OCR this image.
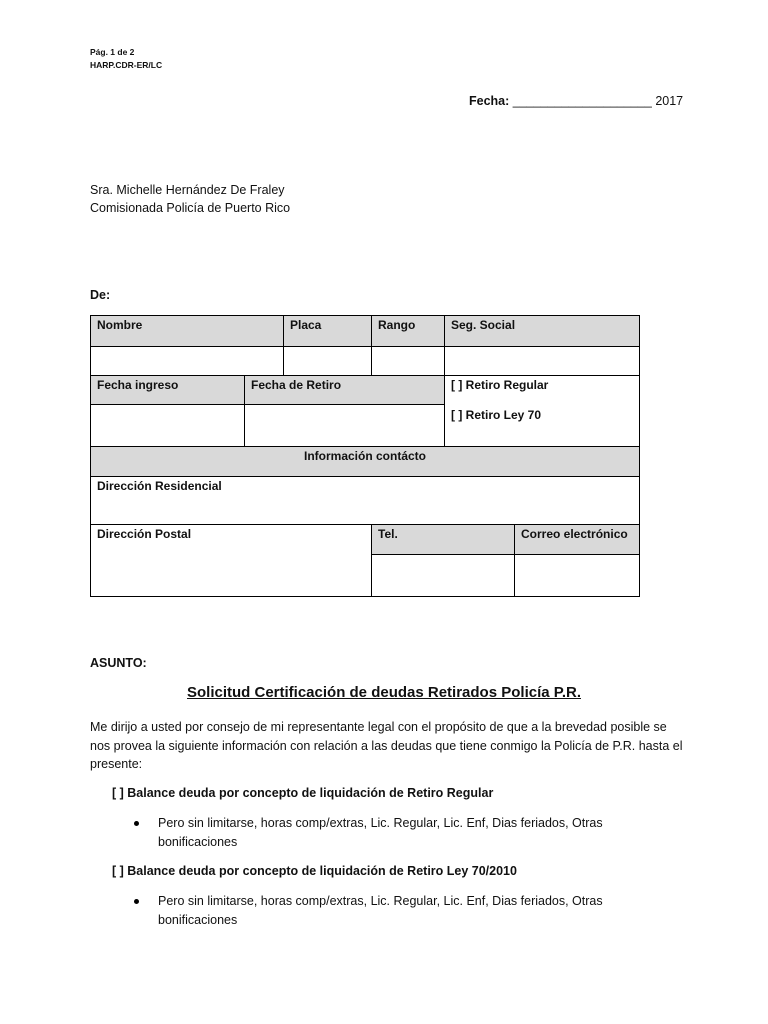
Pág. 1 de 2
HARP.CDR-ER/LC
Fecha: ____________________ 2017
Sra. Michelle Hernández De Fraley
Comisionada Policía de Puerto Rico
De:
Nombre		Placa	Rango	Seg. Social	

Fecha ingreso	Fecha de Retiro			[ ] Retiro Regular
[ ] Retiro Ley 70	

Información contácto					
Dirección Residencial					
Dirección Postal			Tel.		Correo electrónico

ASUNTO:
Solicitud Certificación de deudas Retirados Policía P.R.
Me dirijo a usted por consejo de mi representante legal con el propósito de que a la brevedad posible se nos provea la siguiente información con relación a las deudas que tiene conmigo la Policía de P.R. hasta el presente:
[ ] Balance deuda por concepto de liquidación de Retiro Regular
Pero sin limitarse, horas comp/extras, Lic. Regular, Lic. Enf, Dias feriados, Otras bonificaciones
[ ] Balance deuda por concepto de liquidación de Retiro Ley 70/2010
Pero sin limitarse, horas comp/extras, Lic. Regular, Lic. Enf, Dias feriados, Otras bonificaciones
